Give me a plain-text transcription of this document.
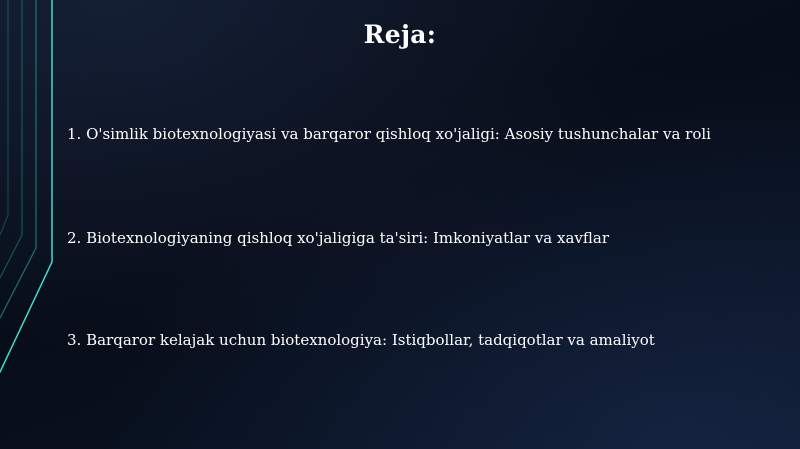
Reja:

1. O'simlik biotexnologiyasi va barqaror qishloq xo'jaligi: Asosiy tushunchalar va roli

2. Biotexnologiyaning qishloq xo'jaligiga ta'siri: Imkoniyatlar va xavflar

3. Barqaror kelajak uchun biotexnologiya: Istiqbollar, tadqiqotlar va amaliyot
